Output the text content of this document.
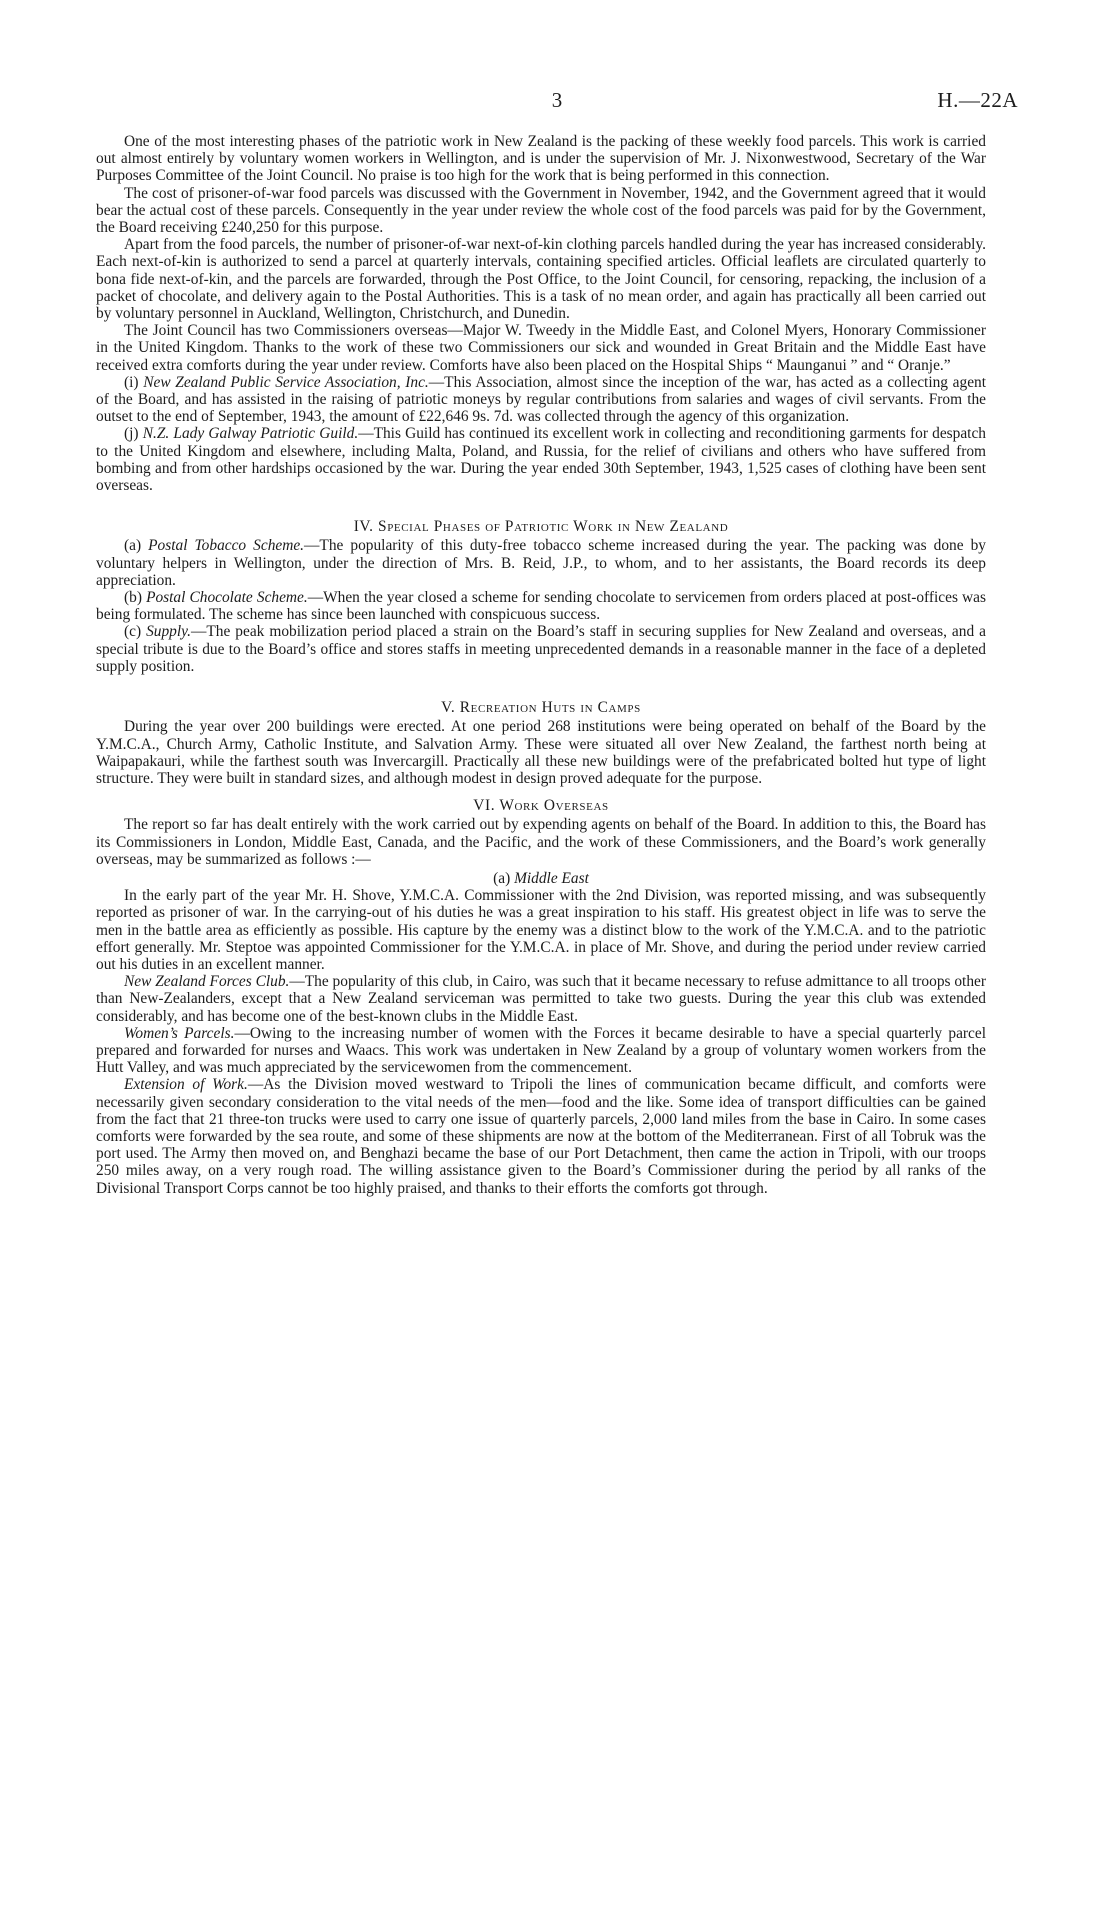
3	H.—22A

One of the most interesting phases of the patriotic work in New Zealand is the packing of these weekly food parcels. This work is carried out almost entirely by voluntary women workers in Wellington, and is under the supervision of Mr. J. Nixonwestwood, Secretary of the War Purposes Committee of the Joint Council. No praise is too high for the work that is being performed in this connection.

The cost of prisoner-of-war food parcels was discussed with the Government in November, 1942, and the Government agreed that it would bear the actual cost of these parcels. Consequently in the year under review the whole cost of the food parcels was paid for by the Government, the Board receiving £240,250 for this purpose.

Apart from the food parcels, the number of prisoner-of-war next-of-kin clothing parcels handled during the year has increased considerably. Each next-of-kin is authorized to send a parcel at quarterly intervals, containing specified articles. Official leaflets are circulated quarterly to bona fide next-of-kin, and the parcels are forwarded, through the Post Office, to the Joint Council, for censoring, repacking, the inclusion of a packet of chocolate, and delivery again to the Postal Authorities. This is a task of no mean order, and again has practically all been carried out by voluntary personnel in Auckland, Wellington, Christchurch, and Dunedin.

The Joint Council has two Commissioners overseas—Major W. Tweedy in the Middle East, and Colonel Myers, Honorary Commissioner in the United Kingdom. Thanks to the work of these two Commissioners our sick and wounded in Great Britain and the Middle East have received extra comforts during the year under review. Comforts have also been placed on the Hospital Ships “ Maunganui ” and “ Oranje.”

(i) New Zealand Public Service Association, Inc.—This Association, almost since the inception of the war, has acted as a collecting agent of the Board, and has assisted in the raising of patriotic moneys by regular contributions from salaries and wages of civil servants. From the outset to the end of September, 1943, the amount of £22,646 9s. 7d. was collected through the agency of this organization.

(j) N.Z. Lady Galway Patriotic Guild.—This Guild has continued its excellent work in collecting and reconditioning garments for despatch to the United Kingdom and elsewhere, including Malta, Poland, and Russia, for the relief of civilians and others who have suffered from bombing and from other hardships occasioned by the war. During the year ended 30th September, 1943, 1,525 cases of clothing have been sent overseas.

IV. Special Phases of Patriotic Work in New Zealand

(a) Postal Tobacco Scheme.—The popularity of this duty-free tobacco scheme increased during the year. The packing was done by voluntary helpers in Wellington, under the direction of Mrs. B. Reid, J.P., to whom, and to her assistants, the Board records its deep appreciation.

(b) Postal Chocolate Scheme.—When the year closed a scheme for sending chocolate to servicemen from orders placed at post-offices was being formulated. The scheme has since been launched with conspicuous success.

(c) Supply.—The peak mobilization period placed a strain on the Board’s staff in securing supplies for New Zealand and overseas, and a special tribute is due to the Board’s office and stores staffs in meeting unprecedented demands in a reasonable manner in the face of a depleted supply position.

V. Recreation Huts in Camps

During the year over 200 buildings were erected. At one period 268 institutions were being operated on behalf of the Board by the Y.M.C.A., Church Army, Catholic Institute, and Salvation Army. These were situated all over New Zealand, the farthest north being at Waipapakauri, while the farthest south was Invercargill. Practically all these new buildings were of the prefabricated bolted hut type of light structure. They were built in standard sizes, and although modest in design proved adequate for the purpose.

VI. Work Overseas

The report so far has dealt entirely with the work carried out by expending agents on behalf of the Board. In addition to this, the Board has its Commissioners in London, Middle East, Canada, and the Pacific, and the work of these Commissioners, and the Board’s work generally overseas, may be summarized as follows :—

(a) Middle East

In the early part of the year Mr. H. Shove, Y.M.C.A. Commissioner with the 2nd Division, was reported missing, and was subsequently reported as prisoner of war. In the carrying-out of his duties he was a great inspiration to his staff. His greatest object in life was to serve the men in the battle area as efficiently as possible. His capture by the enemy was a distinct blow to the work of the Y.M.C.A. and to the patriotic effort generally. Mr. Steptoe was appointed Commissioner for the Y.M.C.A. in place of Mr. Shove, and during the period under review carried out his duties in an excellent manner.

New Zealand Forces Club.—The popularity of this club, in Cairo, was such that it became necessary to refuse admittance to all troops other than New-Zealanders, except that a New Zealand serviceman was permitted to take two guests. During the year this club was extended considerably, and has become one of the best-known clubs in the Middle East.

Women’s Parcels.—Owing to the increasing number of women with the Forces it became desirable to have a special quarterly parcel prepared and forwarded for nurses and Waacs. This work was undertaken in New Zealand by a group of voluntary women workers from the Hutt Valley, and was much appreciated by the servicewomen from the commencement.

Extension of Work.—As the Division moved westward to Tripoli the lines of communication became difficult, and comforts were necessarily given secondary consideration to the vital needs of the men—food and the like. Some idea of transport difficulties can be gained from the fact that 21 three-ton trucks were used to carry one issue of quarterly parcels, 2,000 land miles from the base in Cairo. In some cases comforts were forwarded by the sea route, and some of these shipments are now at the bottom of the Mediterranean. First of all Tobruk was the port used. The Army then moved on, and Benghazi became the base of our Port Detachment, then came the action in Tripoli, with our troops 250 miles away, on a very rough road. The willing assistance given to the Board’s Commissioner during the period by all ranks of the Divisional Transport Corps cannot be too highly praised, and thanks to their efforts the comforts got through.
